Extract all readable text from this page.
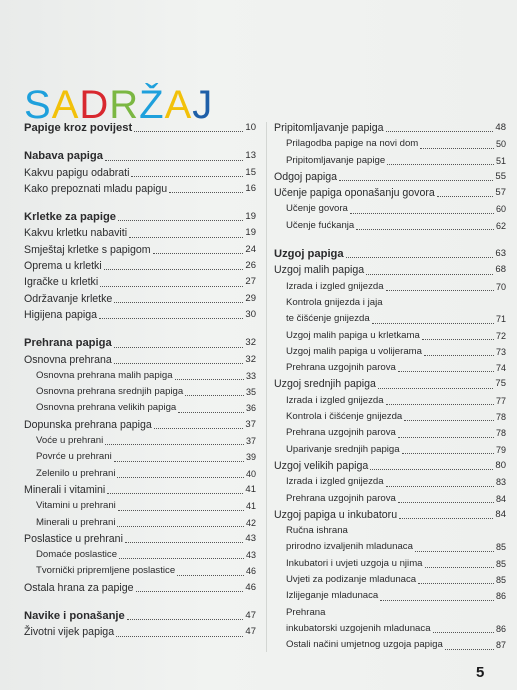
SADRŽAJ
Papige kroz povijest	10
Nabava papiga	13
Kakvu papigu odabrati	15
Kako prepoznati mladu papigu	16
Krletke za papige	19
Kakvu krletku nabaviti	19
Smještaj krletke s papigom	24
Oprema u krletki	26
Igračke u krletki	27
Održavanje krletke	29
Higijena papiga	30
Prehrana papiga	32
Osnovna prehrana	32
Osnovna prehrana malih papiga	33
Osnovna prehrana srednjih papiga	35
Osnovna prehrana velikih papiga	36
Dopunska prehrana papiga	37
Voće u prehrani	37
Povrće u prehrani	39
Zelenilo u prehrani	40
Minerali i vitamini	41
Vitamini u prehrani	41
Minerali u prehrani	42
Poslastice u prehrani	43
Domaće poslastice	43
Tvornički pripremljene poslastice	46
Ostala hrana za papige	46
Navike i ponašanje	47
Životni vijek papiga	47
Pripitomljavanje papiga	48
Prilagodba papige na novi dom	50
Pripitomljavanje papige	51
Odgoj papiga	55
Učenje papiga oponašanju govora	57
Učenje govora	60
Učenje fućkanja	62
Uzgoj papiga	63
Uzgoj malih papiga	68
Izrada i izgled gnijezda	70
Kontrola gnijezda i jaja
te čišćenje gnijezda	71
Uzgoj malih papiga u krletkama	72
Uzgoj malih papiga u volijerama	73
Prehrana uzgojnih parova	74
Uzgoj srednjih papiga	75
Izrada i izgled gnijezda	77
Kontrola i čišćenje gnijezda	78
Prehrana uzgojnih parova	78
Uparivanje srednjih papiga	79
Uzgoj velikih papiga	80
Izrada i izgled gnijezda	83
Prehrana uzgojnih parova	84
Uzgoj papiga u inkubatoru	84
Ručna ishrana
prirodno izvaljenih mladunaca	85
Inkubatori i uvjeti uzgoja u njima	85
Uvjeti za podizanje mladunaca	85
Izlijeganje mladunaca	86
Prehrana
inkubatorski uzgojenih mladunaca	86
Ostali načini umjetnog uzgoja papiga	87
5
